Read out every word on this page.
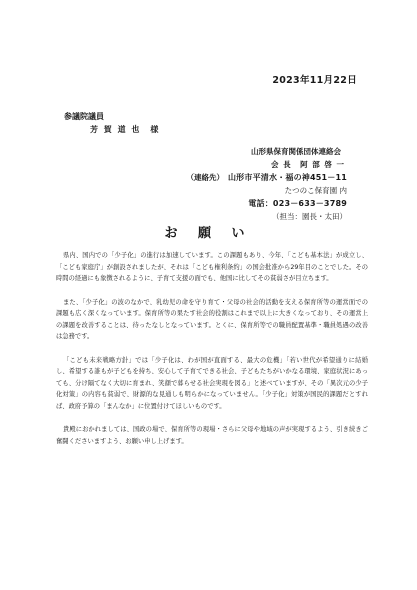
2023年11月22日
参議院議員
芳 賀 道 也　様
山形県保育関係団体連絡会
会 長　阿 部 啓 一
（連絡先） 山形市平清水・福の神451－11
たつのこ保育園 内
電話：023－633－3789
（担当：園長・太田）
お 願 い

県内、国内での「少子化」の進行は加速しています。この課題もあり、今年、「こども基本法」が成立し、「こども家庭庁」が創設されましたが、それは「こども権利条約」の国会批准から29年目のことでした。その時間の経過にも象徴されるように、子育て支援の面でも、他国に比してその貧弱さが目立ちます。

また、「少子化」の波のなかで、乳幼児の命を守り育て・父母の社会的活動を支える保育所等の運営面での課題も広く深くなっています。保育所等の果たす社会的役割はこれまで以上に大きくなっており、その運営上の課題を改善することは、待ったなしとなっています。とくに、保育所等での職員配置基準・職員処遇の改善は急務です。

「こども未来戦略方針」では「少子化は、わが国が直面する、最大の危機」「若い世代が希望通りに結婚し、希望する誰もが子どもを持ち、安心して子育てできる社会、子どもたちがいかなる環境、家庭状況にあっても、分け隔てなく大切に育まれ、笑顔で暮らせる社会実現を図る」と述べていますが、その「異次元の少子化対策」の内容も貧弱で、財源的な見通しも明らかになっていません。「少子化」対策が国民的課題だとすれば、政府予算の「まんなか」に位置付けてほしいものです。

貴殿におかれましては、国政の場で、保育所等の現場・さらに父母や地域の声が実現するよう、引き続きご奮闘くださいますよう、お願い申し上げます。
